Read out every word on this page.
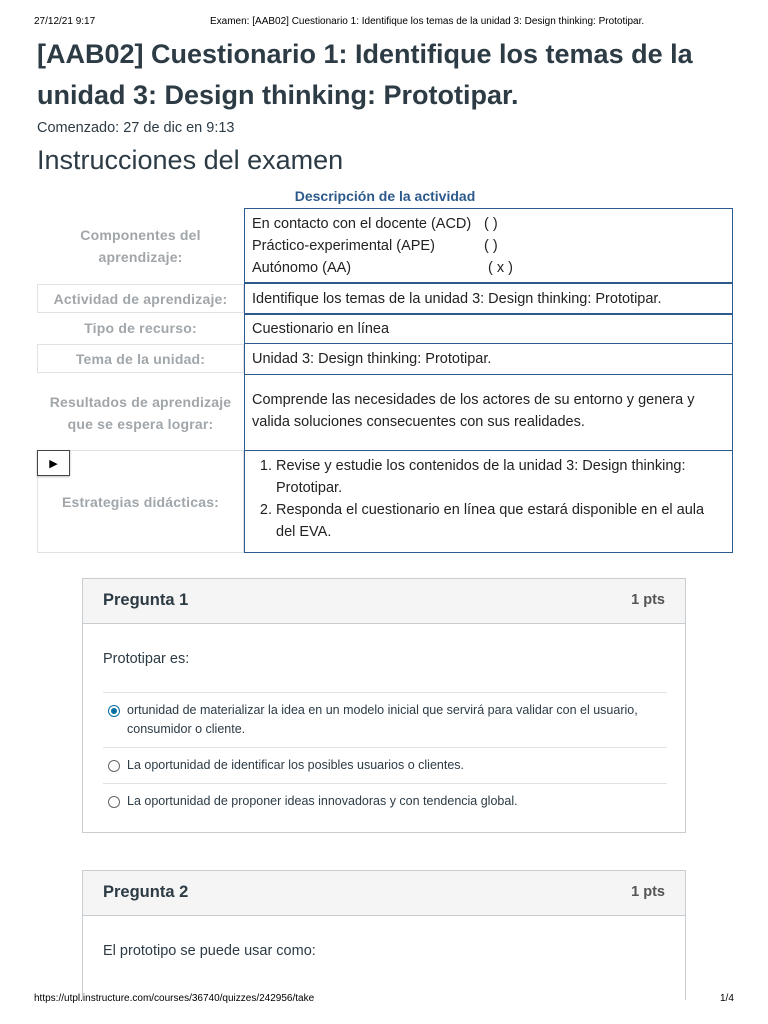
27/12/21 9:17	Examen: [AAB02] Cuestionario 1: Identifique los temas de la unidad 3: Design thinking: Prototipar.
[AAB02] Cuestionario 1: Identifique los temas de la unidad 3: Design thinking: Prototipar.
Comenzado: 27 de dic en 9:13
Instrucciones del examen
Descripción de la actividad
Componentes del aprendizaje:
En contacto con el docente (ACD) ( )
Práctico-experimental (APE)	( )
Autónomo (AA)	( x )
Actividad de aprendizaje:	Identifique los temas de la unidad 3: Design thinking: Prototipar.
Tipo de recurso:	Cuestionario en línea
Tema de la unidad:	Unidad 3: Design thinking: Prototipar.
Resultados de aprendizaje que se espera lograr:
Comprende las necesidades de los actores de su entorno y genera y valida soluciones consecuentes con sus realidades.
Estrategias didácticas:
▶
1.	Revise y estudie los contenidos de la unidad 3: Design thinking: Prototipar.
2. Responda el cuestionario en línea que estará disponible en el aula del EVA.
Pregunta 1	1 pts
Prototipar es:
ortunidad de materializar la idea en un modelo inicial que servirá para validar con el usuario, consumidor o cliente.
La oportunidad de identificar los posibles usuarios o clientes.
La oportunidad de proponer ideas innovadoras y con tendencia global.
Pregunta 2	1 pts
El prototipo se puede usar como:
https://utpl.instructure.com/courses/36740/quizzes/242956/take	1/4
